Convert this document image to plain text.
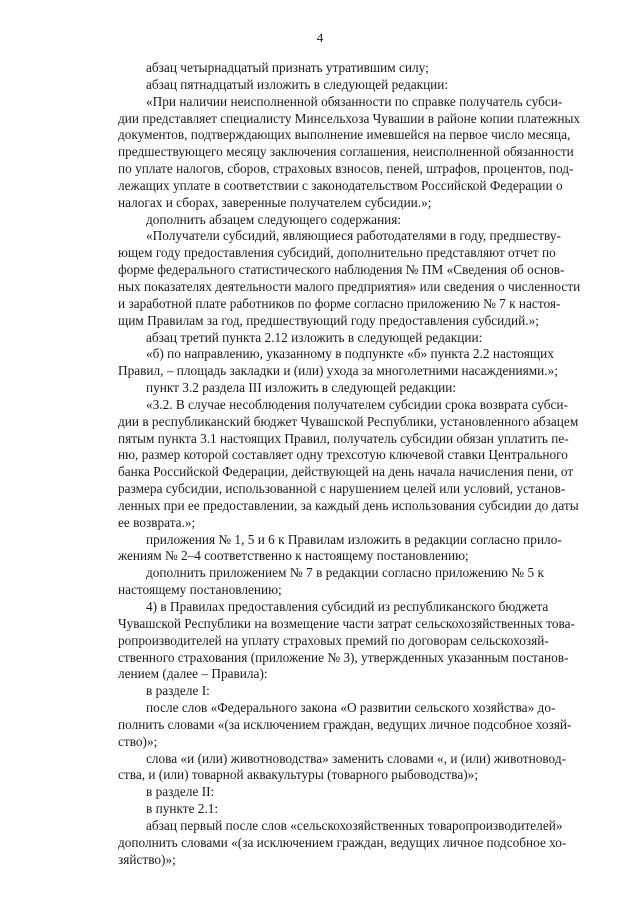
4
абзац четырнадцатый признать утратившим силу;
абзац пятнадцатый изложить в следующей редакции:
«При наличии неисполненной обязанности по справке получатель субси-
дии представляет специалисту Минсельхоза Чувашии в районе копии платежных
документов, подтверждающих выполнение имевшейся на первое число месяца,
предшествующего месяцу заключения соглашения, неисполненной обязанности
по уплате налогов, сборов, страховых взносов, пеней, штрафов, процентов, под-
лежащих уплате в соответствии с законодательством Российской Федерации о
налогах и сборах, заверенные получателем субсидии.»;
дополнить абзацем следующего содержания:
«Получатели субсидий, являющиеся работодателями в году, предшеству-
ющем году предоставления субсидий, дополнительно представляют отчет по
форме федерального статистического наблюдения № ПМ «Сведения об основ-
ных показателях деятельности малого предприятия» или сведения о численности
и заработной плате работников по форме согласно приложению № 7 к настоя-
щим Правилам за год, предшествующий году предоставления субсидий.»;
абзац третий пункта 2.12 изложить в следующей редакции:
«б) по направлению, указанному в подпункте «б» пункта 2.2 настоящих
Правил, – площадь закладки и (или) ухода за многолетними насаждениями.»;
пункт 3.2 раздела III изложить в следующей редакции:
«3.2. В случае несоблюдения получателем субсидии срока возврата субси-
дии в республиканский бюджет Чувашской Республики, установленного абзацем
пятым пункта 3.1 настоящих Правил, получатель субсидии обязан уплатить пе-
ню, размер которой составляет одну трехсотую ключевой ставки Центрального
банка Российской Федерации, действующей на день начала начисления пени, от
размера субсидии, использованной с нарушением целей или условий, установ-
ленных при ее предоставлении, за каждый день использования субсидии до даты
ее возврата.»;
приложения № 1, 5 и 6 к Правилам изложить в редакции согласно прило-
жениям № 2–4 соответственно к настоящему постановлению;
дополнить приложением № 7 в редакции согласно приложению № 5 к
настоящему постановлению;
4) в Правилах предоставления субсидий из республиканского бюджета
Чувашской Республики на возмещение части затрат сельскохозяйственных това-
ропроизводителей на уплату страховых премий по договорам сельскохозяй-
ственного страхования (приложение № 3), утвержденных указанным постанов-
лением (далее – Правила):
в разделе I:
после слов «Федерального закона «О развитии сельского хозяйства» до-
полнить словами «(за исключением граждан, ведущих личное подсобное хозяй-
ство)»;
слова «и (или) животноводства» заменить словами «, и (или) животновод-
ства, и (или) товарной аквакультуры (товарного рыбоводства)»;
в разделе II:
в пункте 2.1:
абзац первый после слов «сельскохозяйственных товаропроизводителей»
дополнить словами «(за исключением граждан, ведущих личное подсобное хо-
зяйство)»;
